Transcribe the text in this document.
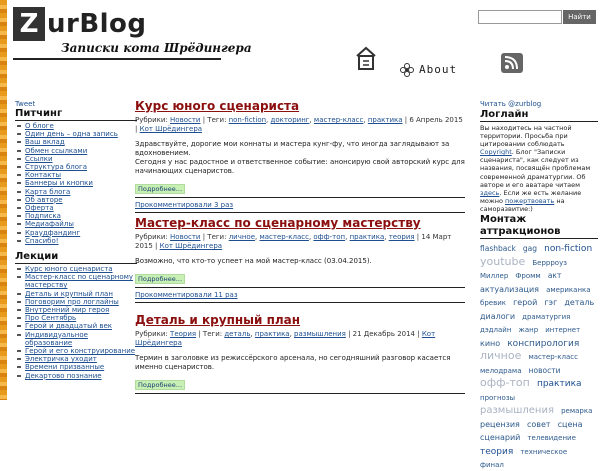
Z urBlog
Записки кота Шрёдингера
Найти
About
Tweet
Питчинг
О блоге
Один день – одна запись
Ваш вклад
Обмен ссылками
Ссылки
Структура блога
Контакты
Баннеры и кнопки
Карта блога
Об авторе
Оферта
Подписка
Медиафайлы
Краудфандинг
Спасибо!
Лекции
Курс юного сценариста
Мастер-класс по сценарному мастерству
Деталь и крупный план
Поговорим про логлайны
Внутренний мир героя
Про Сентябрь
Герой и двадцатый век
Индивидуальное образование
Герой и его конструирование
Электричка уходит
Времени призванные
Декартово познание
Курс юного сценариста
Рубрики: Новости | Теги: non-fiction, докторинг, мастер-класс, практика | 6 Апрель 2015 | Кот Шрёдингера
Здравствуйте, дорогие мои коннаты и мастера кунг-фу, что иногда заглядывают за вдохновением.
Сегодня у нас радостное и ответственное событие: анонсирую свой авторский курс для начинающих сценаристов.
Подробнее…
Прокомментировали 3 раз
Мастер-класс по сценарному мастерству
Рубрики: Новости | Теги: личное, мастер-класс, офф-топ, практика, теория | 14 Март 2015 | Кот Шрёдингера
Возможно, что кто-то успеет на мой мастер-класс (03.04.2015).
Подробнее…
Прокомментировали 11 раз
Деталь и крупный план
Рубрики: Теория | Теги: деталь, практика, размышления | 21 Декабрь 2014 | Кот Шрёдингера
Термин в заголовке из режиссёрского арсенала, но сегодняшний разговор касается именно сценаристов.
Подробнее…
Читать @zurblog
Логлайн
Вы находитесь на частной территории. Просьба при цитировании соблюдать Copyright. Блог "Записки сценариста", как следует из названия, посвящён проблемам современной драматургии. Об авторе и его аватаре читаем здесь. Если же есть желание можно пожертвовать на саморазвитие:)
Монтаж аттракционов
flashback gag non-fiction youtube Беррроуз Миллер Фромм акт актуализация американка бревик герой гэг деталь диалоги драматургия дэдлайн жанр интернет кино конспирология личное мастер-класс мелодрама новости офф-топ практика прогнозы размышления ремарка рецензия совет сцена сценарий телевидение теория техническое финал
